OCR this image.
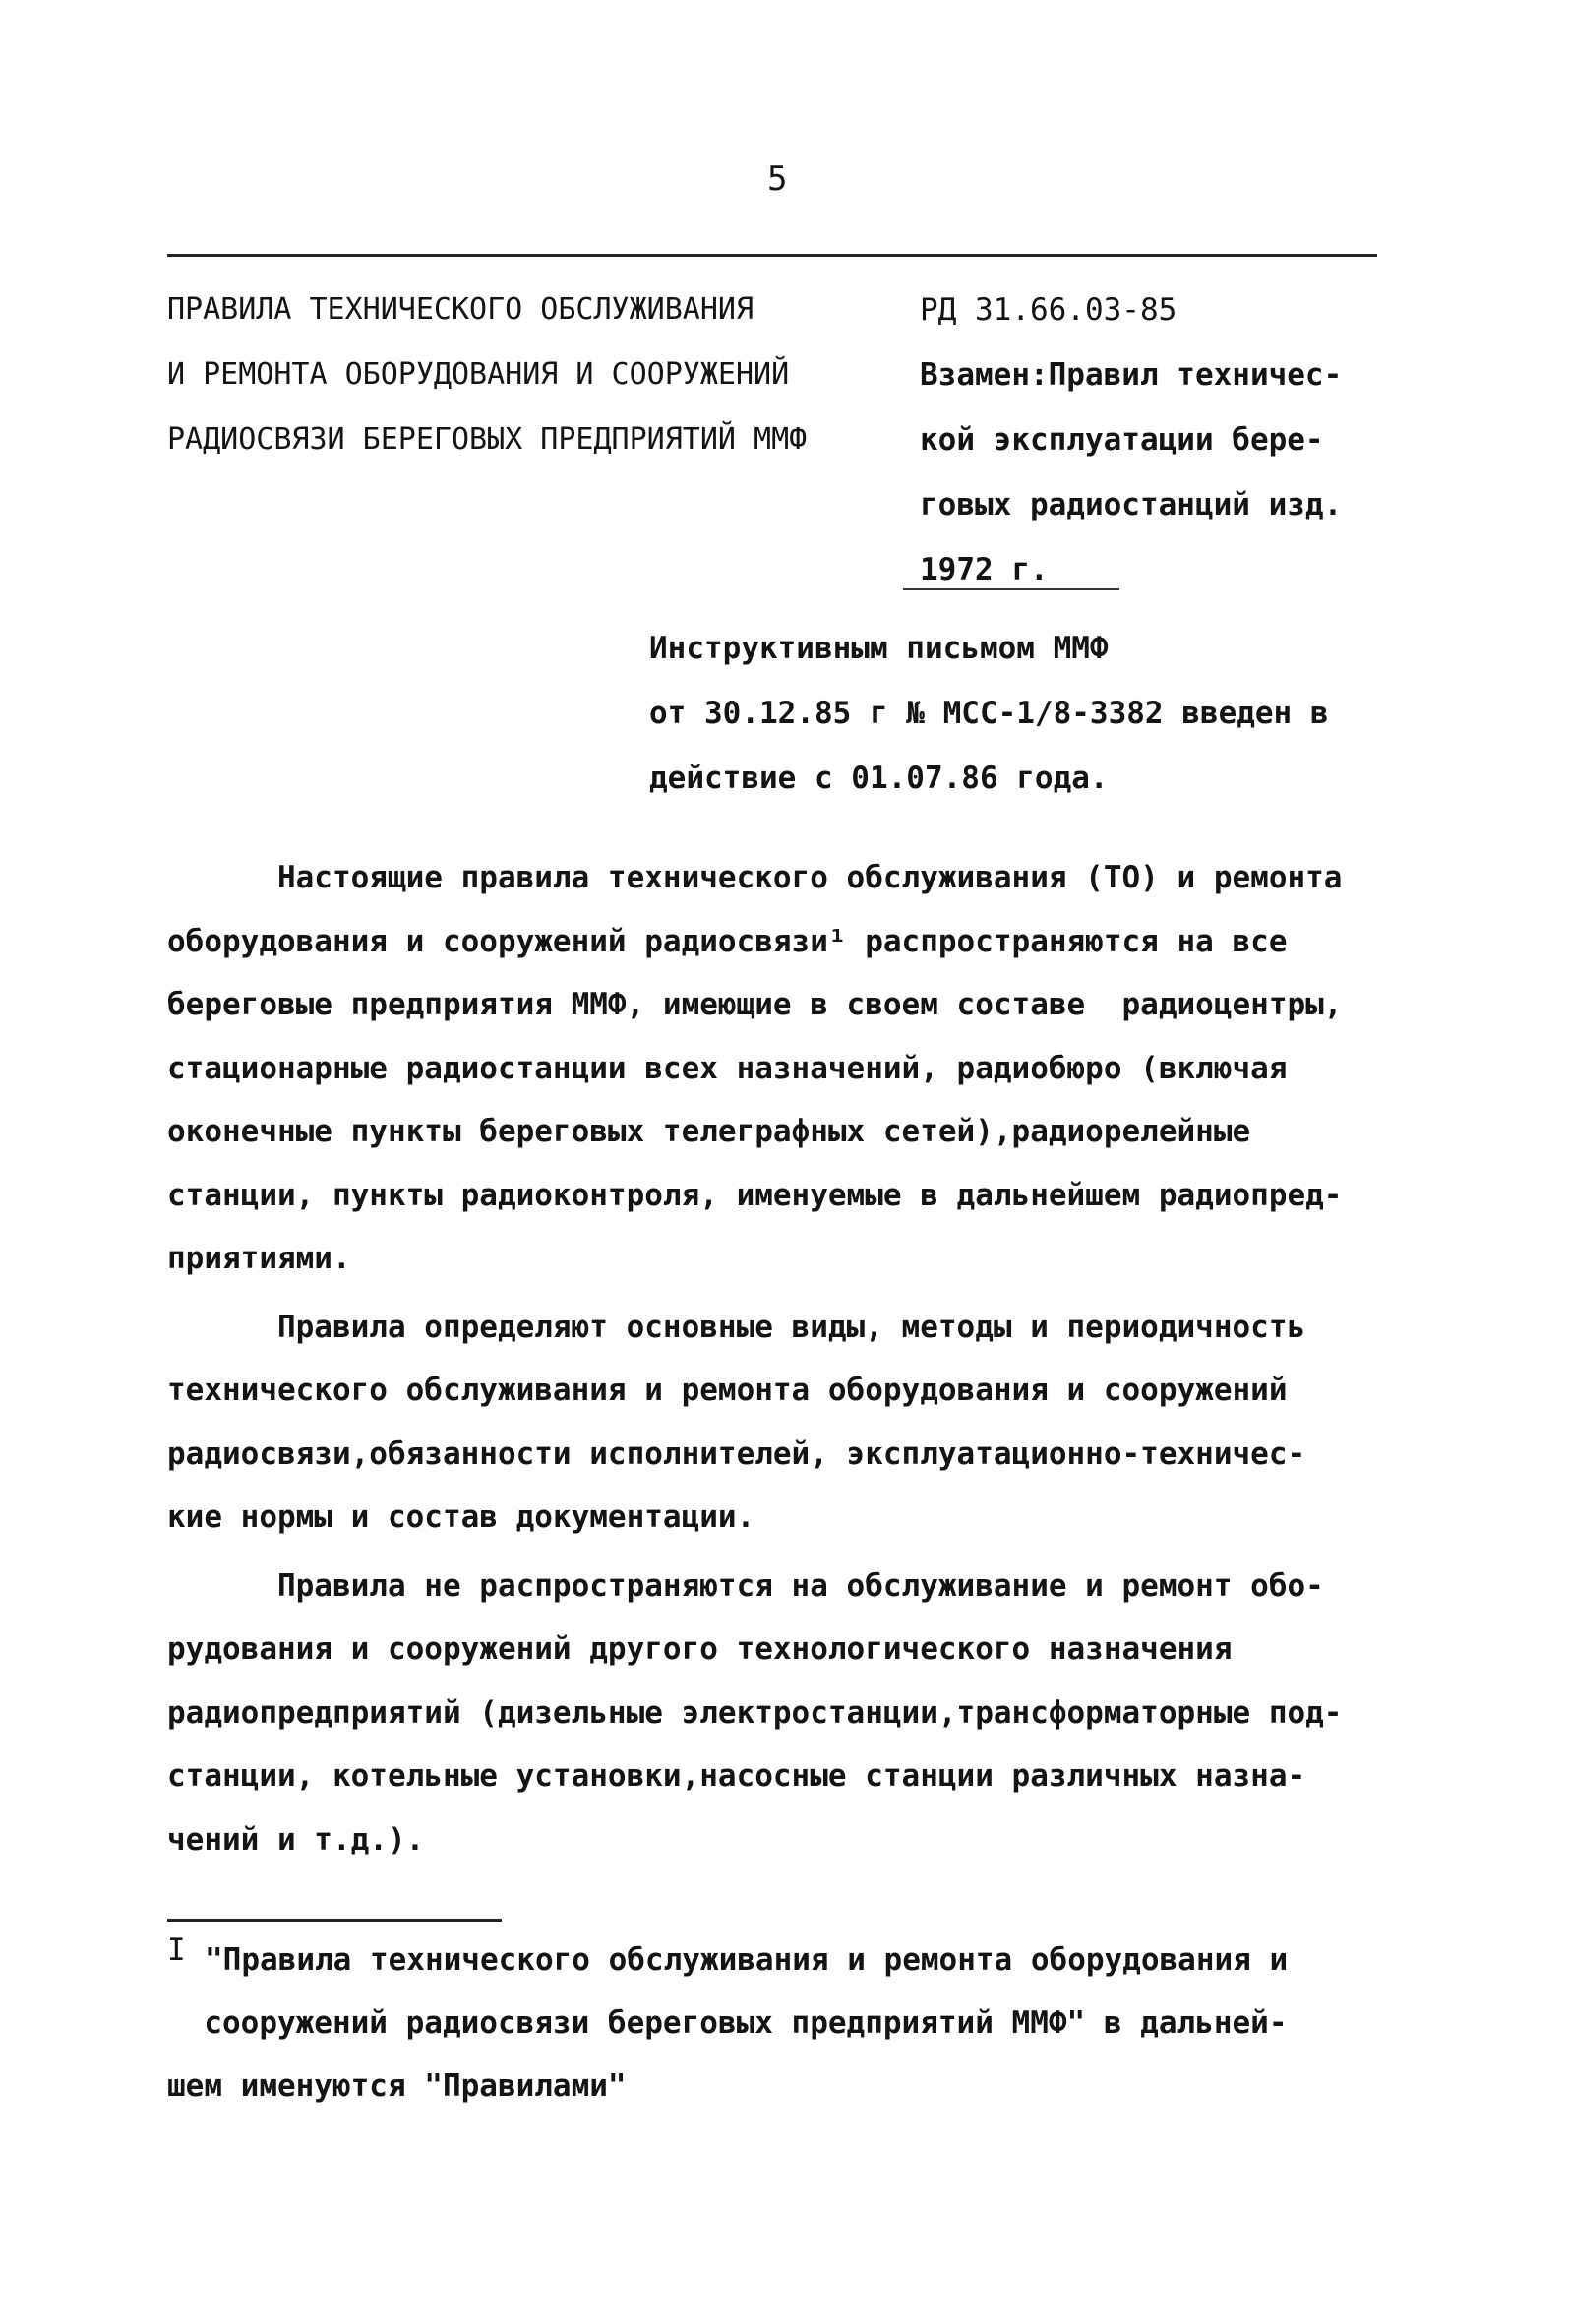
5
ПРАВИЛА ТЕХНИЧЕСКОГО ОБСЛУЖИВАНИЯ
И РЕМОНТА ОБОРУДОВАНИЯ И СООРУЖЕНИЙ
РАДИОСВЯЗИ БЕРЕГОВЫХ ПРЕДПРИЯТИЙ ММФ
РД 31.66.03-85
Взамен:Правил техничес-
кой эксплуатации бере-
говых радиостанций изд.
1972 г.
Инструктивным письмом ММФ
от 30.12.85 г № МСС-1/8-3382 введен в
действие с 01.07.86 года.
Настоящие правила технического обслуживания (ТО) и ремонта
оборудования и сооружений радиосвязи¹ распространяются на все
береговые предприятия ММФ, имеющие в своем составе  радиоцентры,
стационарные радиостанции всех назначений, радиобюро (включая
оконечные пункты береговых телеграфных сетей),радиорелейные
станции, пункты радиоконтроля, именуемые в дальнейшем радиопред-
приятиями.
Правила определяют основные виды, методы и периодичность
технического обслуживания и ремонта оборудования и сооружений
радиосвязи,обязанности исполнителей, эксплуатационно-техничес-
кие нормы и состав документации.
Правила не распространяются на обслуживание и ремонт обо-
рудования и сооружений другого технологического назначения
радиопредприятий (дизельные электростанции,трансформаторные под-
станции, котельные установки,насосные станции различных назна-
чений и т.д.).
I "Правила технического обслуживания и ремонта оборудования и
сооружений радиосвязи береговых предприятий ММФ" в дальней-
шем именуются "Правилами"
